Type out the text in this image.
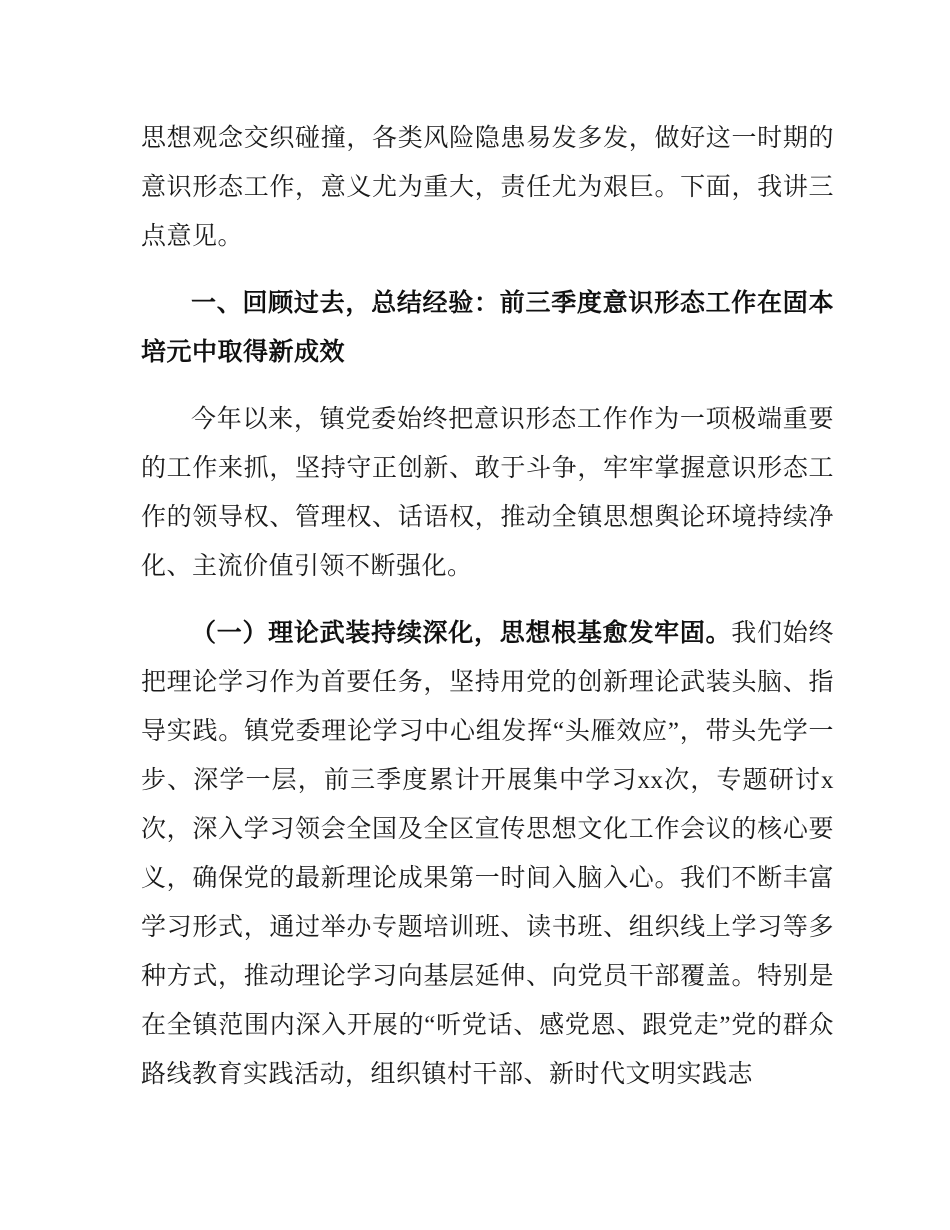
思想观念交织碰撞，各类风险隐患易发多发，做好这一时期的意识形态工作，意义尤为重大，责任尤为艰巨。下面，我讲三点意见。

一、回顾过去，总结经验：前三季度意识形态工作在固本培元中取得新成效

今年以来，镇党委始终把意识形态工作作为一项极端重要的工作来抓，坚持守正创新、敢于斗争，牢牢掌握意识形态工作的领导权、管理权、话语权，推动全镇思想舆论环境持续净化、主流价值引领不断强化。

（一）理论武装持续深化，思想根基愈发牢固。我们始终把理论学习作为首要任务，坚持用党的创新理论武装头脑、指导实践。镇党委理论学习中心组发挥“头雁效应”，带头先学一步、深学一层，前三季度累计开展集中学习xx次，专题研讨x次，深入学习领会全国及全区宣传思想文化工作会议的核心要义，确保党的最新理论成果第一时间入脑入心。我们不断丰富学习形式，通过举办专题培训班、读书班、组织线上学习等多种方式，推动理论学习向基层延伸、向党员干部覆盖。特别是在全镇范围内深入开展的“听党话、感党恩、跟党走”党的群众路线教育实践活动，组织镇村干部、新时代文明实践志
